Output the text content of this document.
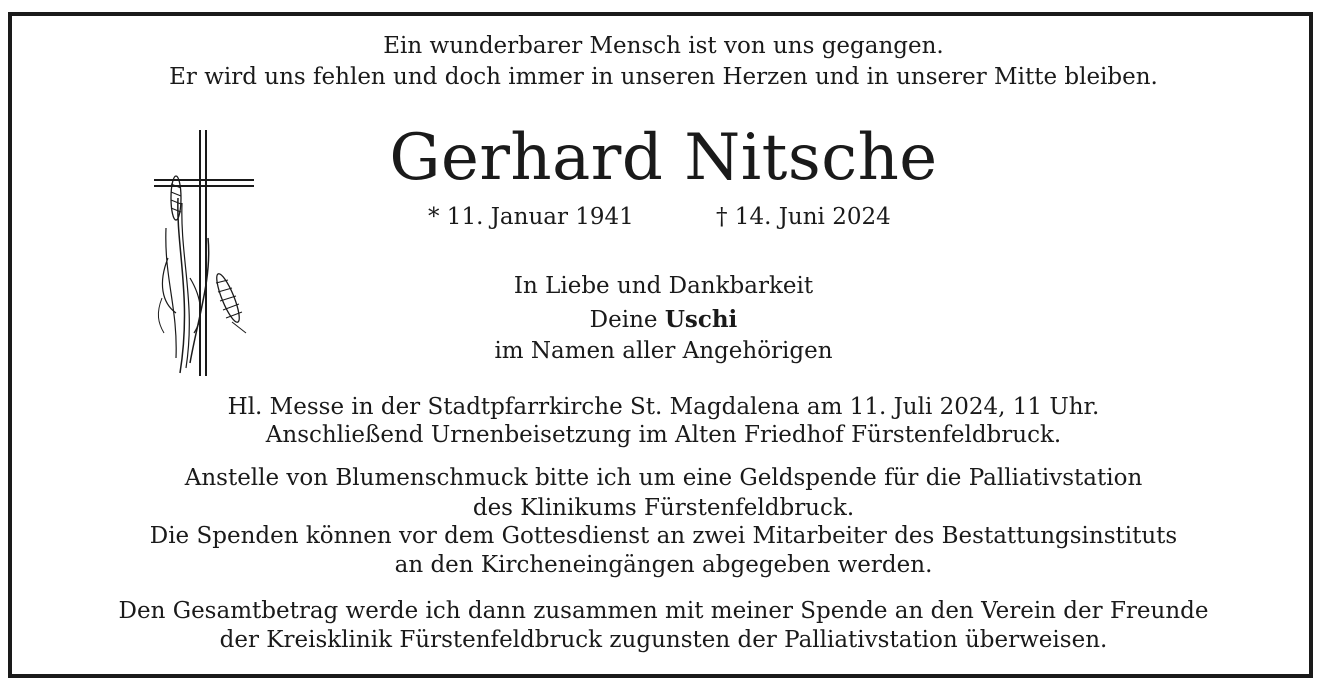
Ein wunderbarer Mensch ist von uns gegangen.
Er wird uns fehlen und doch immer in unseren Herzen und in unserer Mitte bleiben.
Gerhard Nitsche
* 11. Januar 1941	† 14. Juni 2024
In Liebe und Dankbarkeit
Deine Uschi
im Namen aller Angehörigen
Hl. Messe in der Stadtpfarrkirche St. Magdalena am 11. Juli 2024, 11 Uhr.
Anschließend Urnenbeisetzung im Alten Friedhof Fürstenfeldbruck.
Anstelle von Blumenschmuck bitte ich um eine Geldspende für die Palliativstation
des Klinikums Fürstenfeldbruck.
Die Spenden können vor dem Gottesdienst an zwei Mitarbeiter des Bestattungsinstituts
an den Kircheneingängen abgegeben werden.
Den Gesamtbetrag werde ich dann zusammen mit meiner Spende an den Verein der Freunde
der Kreisklinik Fürstenfeldbruck zugunsten der Palliativstation überweisen.
